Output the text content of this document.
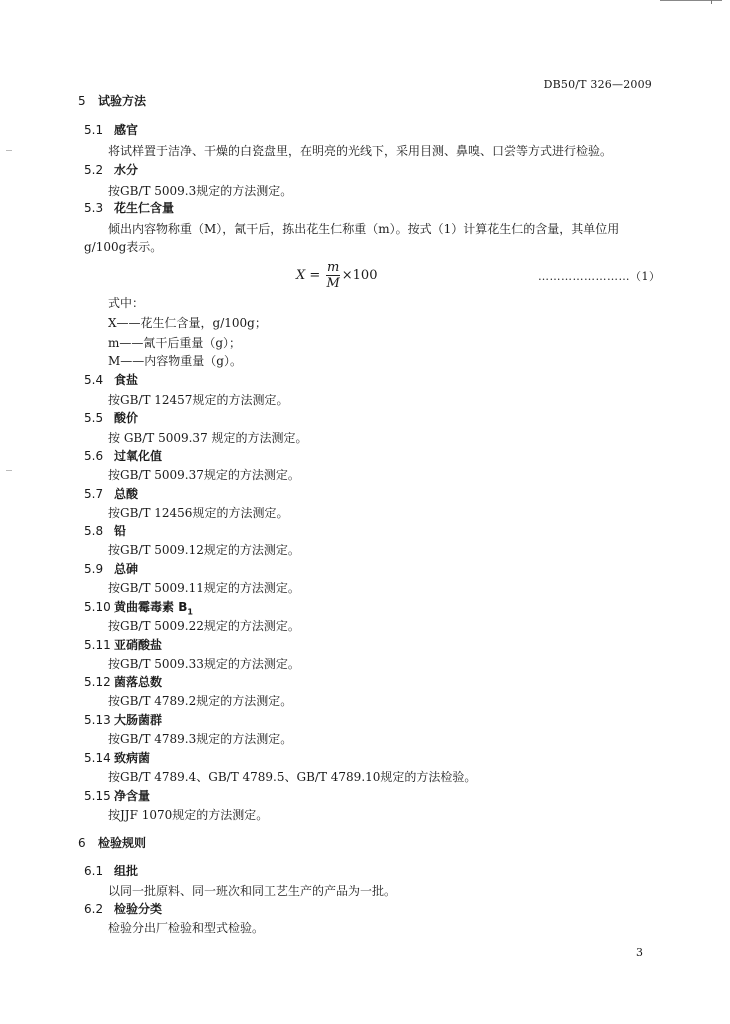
DB50/T 326—2009
5 试验方法
5.1 感官
将试样置于洁净、干燥的白瓷盘里，在明亮的光线下，采用目测、鼻嗅、口尝等方式进行检验。
5.2 水分
按GB/T 5009.3规定的方法测定。
5.3 花生仁含量
倾出内容物称重（M），氥干后，拣出花生仁称重（m）。按式（1）计算花生仁的含量，其单位用
g/100g表示。
$X = \frac{m}{M} \times 100$	……………………（1）
式中：
X——花生仁含量，g/100g；
m——氥干后重量（g）；
M——内容物重量（g）。
5.4 食盐
按GB/T 12457规定的方法测定。
5.5 酸价
按 GB/T 5009.37 规定的方法测定。
5.6 过氧化值
按GB/T 5009.37规定的方法测定。
5.7 总酸
按GB/T 12456规定的方法测定。
5.8 铅
按GB/T 5009.12规定的方法测定。
5.9 总砷
按GB/T 5009.11规定的方法测定。
5.10 黄曲霉毒素 $B_1$
按GB/T 5009.22规定的方法测定。
5.11 亚硝酸盐
按GB/T 5009.33规定的方法测定。
5.12 菌落总数
按GB/T 4789.2规定的方法测定。
5.13 大肠菌群
按GB/T 4789.3规定的方法测定。
5.14 致病菌
按GB/T 4789.4、GB/T 4789.5、GB/T 4789.10规定的方法检验。
5.15 净含量
按JJF 1070规定的方法测定。
6 检验规则
6.1 组批
以同一批原料、同一班次和同工艺生产的产品为一批。
6.2 检验分类
检验分出厂检验和型式检验。
3
